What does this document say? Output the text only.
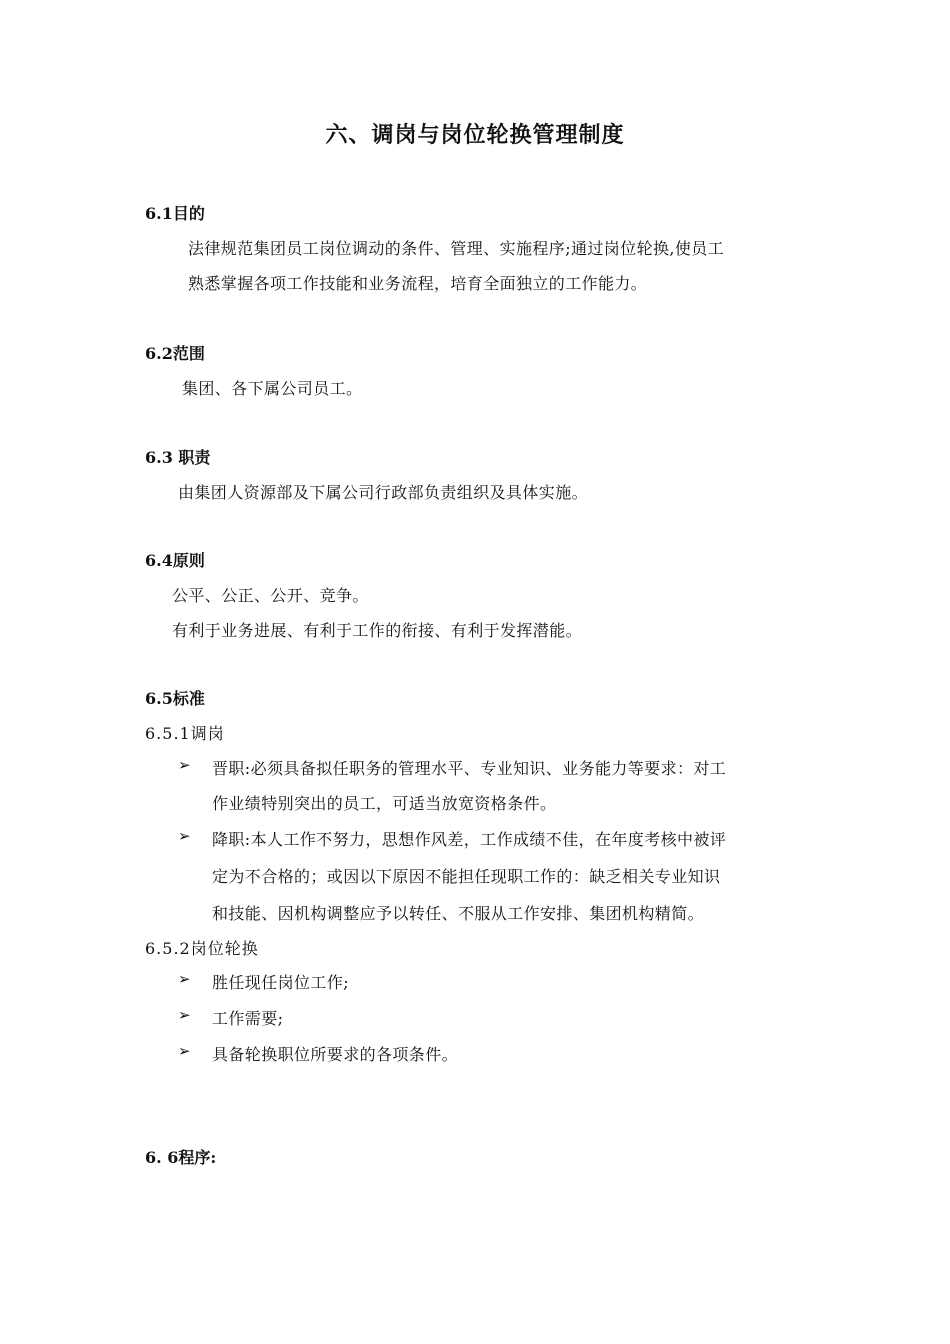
六、调岗与岗位轮换管理制度
6.1目的
法律规范集团员工岗位调动的条件、管理、实施程序;通过岗位轮换,使员工
熟悉掌握各项工作技能和业务流程，培育全面独立的工作能力。
6.2范围
集团、各下属公司员工。
6.3 职责
由集团人资源部及下属公司行政部负责组织及具体实施。
6.4原则
公平、公正、公开、竞争。
有利于业务进展、有利于工作的衔接、有利于发挥潜能。
6.5标准
6.5.1调岗
➢ 晋职:必须具备拟任职务的管理水平、专业知识、业务能力等要求：对工
作业绩特别突出的员工，可适当放宽资格条件。
➢ 降职:本人工作不努力，思想作风差，工作成绩不佳，在年度考核中被评
定为不合格的；或因以下原因不能担任现职工作的：缺乏相关专业知识
和技能、因机构调整应予以转任、不服从工作安排、集团机构精简。
6.5.2岗位轮换
➢ 胜任现任岗位工作;
➢ 工作需要;
➢ 具备轮换职位所要求的各项条件。
6. 6程序:
